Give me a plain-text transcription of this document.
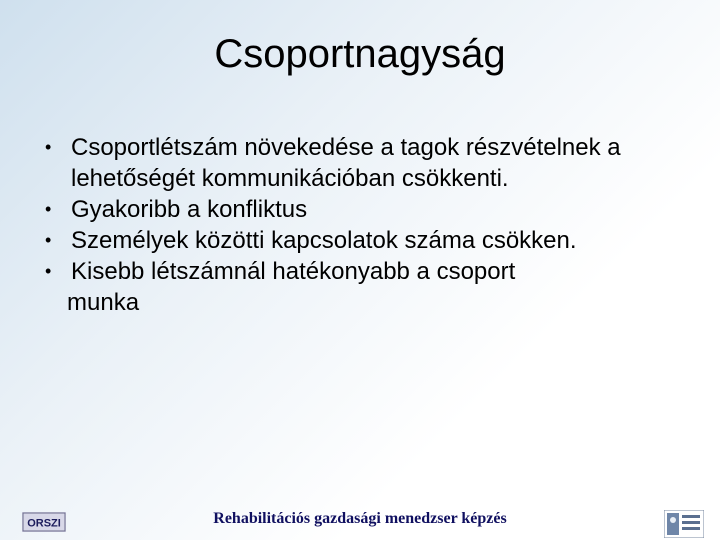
Csoportnagyság
• Csoportlétszám növekedése a tagok részvételnek a lehetőségét kommunikációban csökkenti.
• Gyakoribb a konfliktus
• Személyek közötti kapcsolatok száma csökken.
• Kisebb létszámnál hatékonyabb a csoport
munka
ORSZI	Rehabilitációs gazdasági menedzser képzés
